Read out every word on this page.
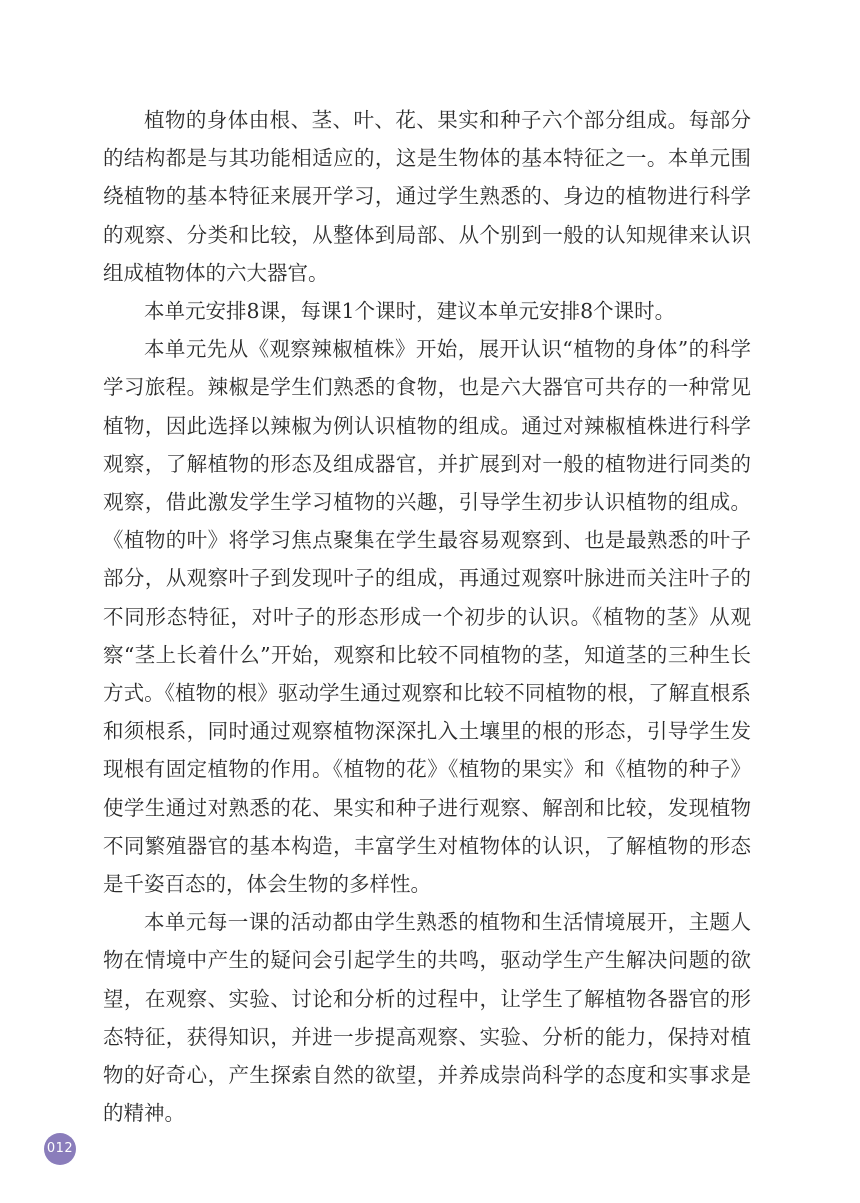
植物的身体由根、茎、叶、花、果实和种子六个部分组成。每部分的结构都是与其功能相适应的，这是生物体的基本特征之一。本单元围绕植物的基本特征来展开学习，通过学生熟悉的、身边的植物进行科学的观察、分类和比较，从整体到局部、从个别到一般的认知规律来认识组成植物体的六大器官。

本单元安排8课，每课1个课时，建议本单元安排8个课时。

本单元先从《观察辣椒植株》开始，展开认识“植物的身体”的科学学习旅程。辣椒是学生们熟悉的食物，也是六大器官可共存的一种常见植物，因此选择以辣椒为例认识植物的组成。通过对辣椒植株进行科学观察，了解植物的形态及组成器官，并扩展到对一般的植物进行同类的观察，借此激发学生学习植物的兴趣，引导学生初步认识植物的组成。《植物的叶》将学习焦点聚集在学生最容易观察到、也是最熟悉的叶子部分，从观察叶子到发现叶子的组成，再通过观察叶脉进而关注叶子的不同形态特征，对叶子的形态形成一个初步的认识。《植物的茎》从观察“茎上长着什么”开始，观察和比较不同植物的茎，知道茎的三种生长方式。《植物的根》驱动学生通过观察和比较不同植物的根，了解直根系和须根系，同时通过观察植物深深扎入土壤里的根的形态，引导学生发现根有固定植物的作用。《植物的花》《植物的果实》和《植物的种子》使学生通过对熟悉的花、果实和种子进行观察、解剖和比较，发现植物不同繁殖器官的基本构造，丰富学生对植物体的认识，了解植物的形态是千姿百态的，体会生物的多样性。

本单元每一课的活动都由学生熟悉的植物和生活情境展开，主题人物在情境中产生的疑问会引起学生的共鸣，驱动学生产生解决问题的欲望，在观察、实验、讨论和分析的过程中，让学生了解植物各器官的形态特征，获得知识，并进一步提高观察、实验、分析的能力，保持对植物的好奇心，产生探索自然的欲望，并养成崇尚科学的态度和实事求是的精神。

012
